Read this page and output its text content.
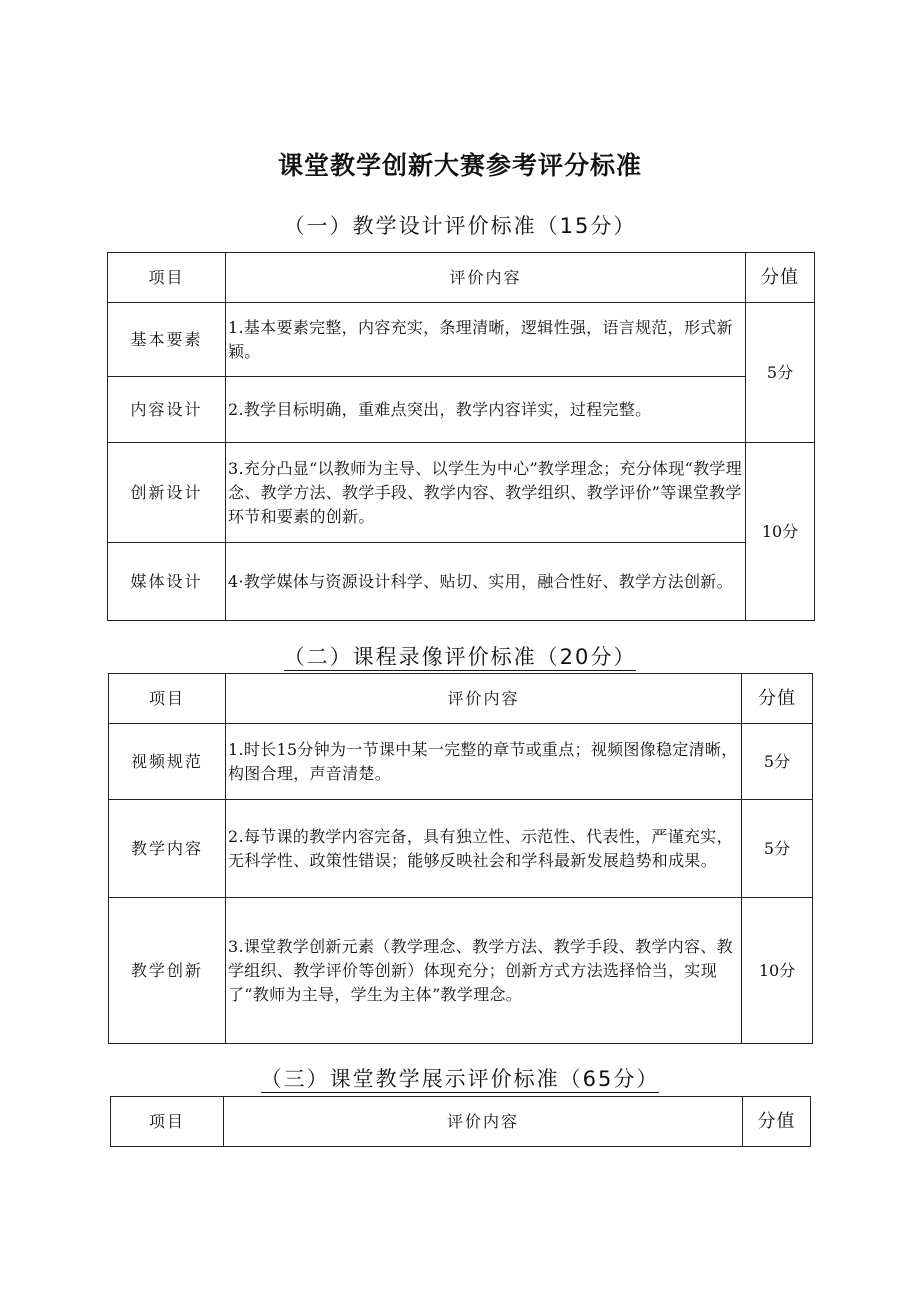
课堂教学创新大赛参考评分标准
（一）教学设计评价标准（15分）
项目	评价内容	分值
基本要素	1.基本要素完整，内容充实，条理清晰，逻辑性强，语言规范，形式新颖。	5分
内容设计	2.教学目标明确，重难点突出，教学内容详实，过程完整。	
创新设计	3.充分凸显“以教师为主导、以学生为中心”教学理念；充分体现“教学理念、教学方法、教学手段、教学内容、教学组织、教学评价”等课堂教学环节和要素的创新。	10分
媒体设计	4·教学媒体与资源设计科学、贴切、实用，融合性好、教学方法创新。	
（二）课程录像评价标准（20分）
项目	评价内容	分值
视频规范	1.时长15分钟为一节课中某一完整的章节或重点；视频图像稳定清晰，构图合理，声音清楚。	5分
教学内容	2.每节课的教学内容完备，具有独立性、示范性、代表性，严谨充实，无科学性、政策性错误；能够反映社会和学科最新发展趋势和成果。	5分
教学创新	3.课堂教学创新元素（教学理念、教学方法、教学手段、教学内容、教学组织、教学评价等创新）体现充分；创新方式方法选择恰当，实现了“教师为主导，学生为主体”教学理念。	10分
（三）课堂教学展示评价标准（65分）
项目	评价内容	分值
